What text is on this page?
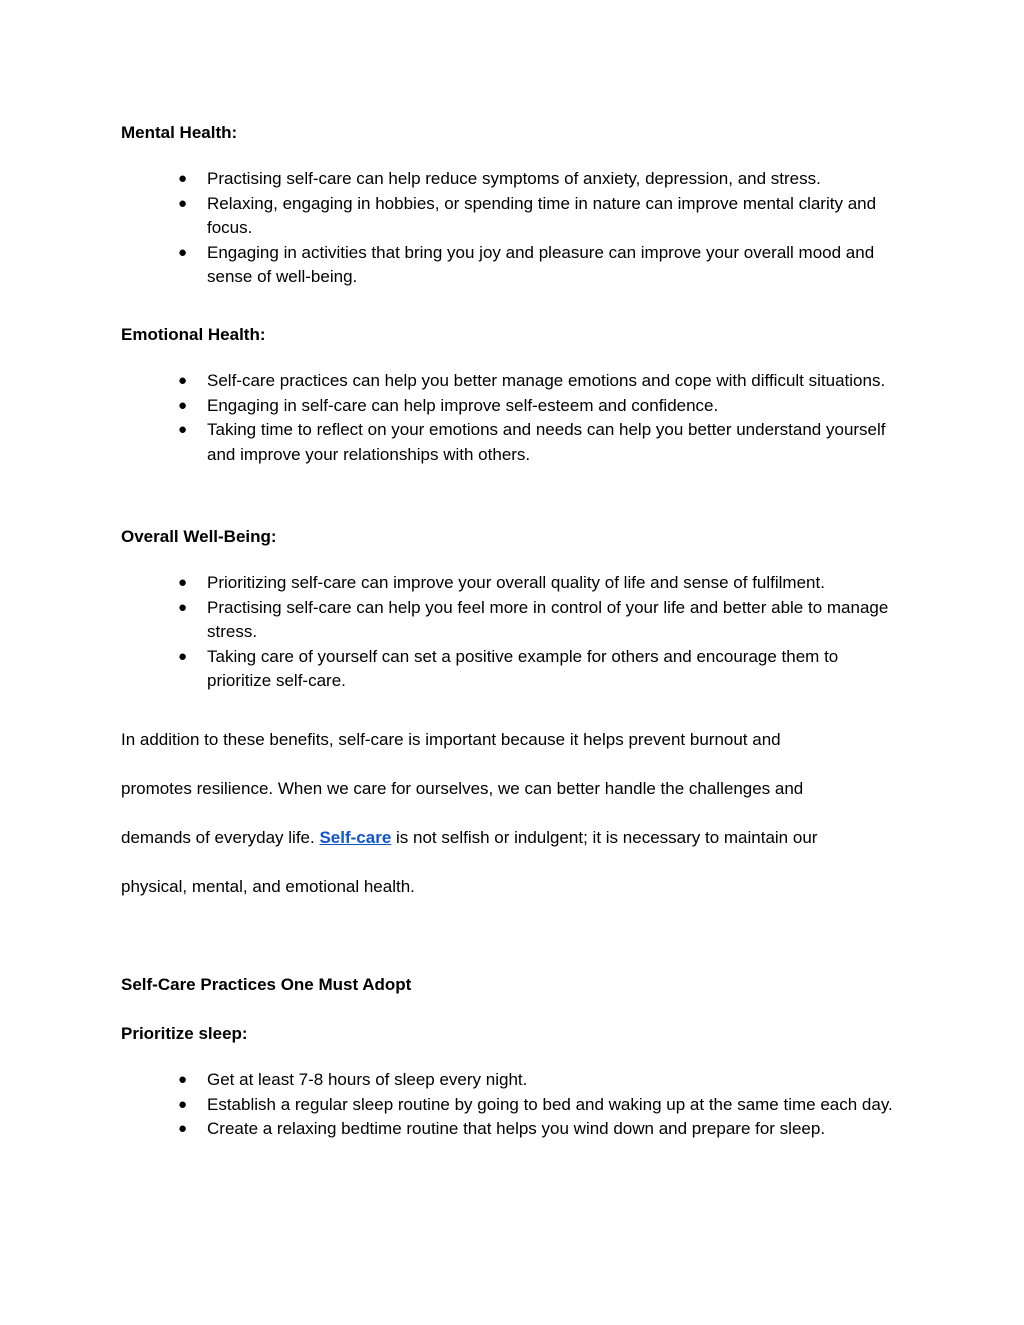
Mental Health:
● Practising self-care can help reduce symptoms of anxiety, depression, and stress.
● Relaxing, engaging in hobbies, or spending time in nature can improve mental clarity and focus.
● Engaging in activities that bring you joy and pleasure can improve your overall mood and sense of well-being.
Emotional Health:
● Self-care practices can help you better manage emotions and cope with difficult situations.
● Engaging in self-care can help improve self-esteem and confidence.
● Taking time to reflect on your emotions and needs can help you better understand yourself and improve your relationships with others.
Overall Well-Being:
● Prioritizing self-care can improve your overall quality of life and sense of fulfilment.
● Practising self-care can help you feel more in control of your life and better able to manage stress.
● Taking care of yourself can set a positive example for others and encourage them to prioritize self-care.
In addition to these benefits, self-care is important because it helps prevent burnout and
promotes resilience. When we care for ourselves, we can better handle the challenges and
demands of everyday life. Self-care is not selfish or indulgent; it is necessary to maintain our
physical, mental, and emotional health.
Self-Care Practices One Must Adopt
Prioritize sleep:
● Get at least 7-8 hours of sleep every night.
● Establish a regular sleep routine by going to bed and waking up at the same time each day.
● Create a relaxing bedtime routine that helps you wind down and prepare for sleep.
